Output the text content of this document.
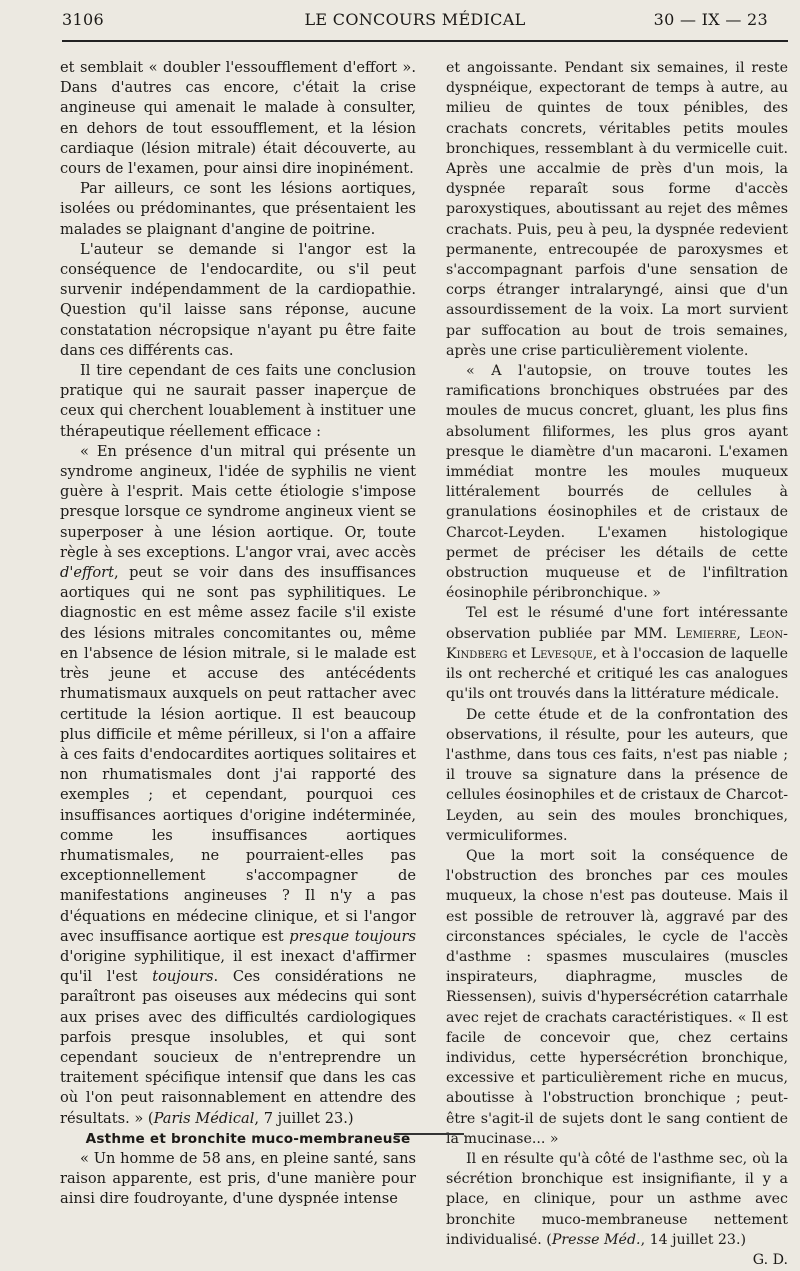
3106	LE CONCOURS MÉDICAL	30 — IX — 23

et semblait « doubler l'essoufflement d'effort ». Dans d'autres cas encore, c'était la crise angineuse qui amenait le malade à consulter, en dehors de tout essoufflement, et la lésion cardiaque (lésion mitrale) était découverte, au cours de l'examen, pour ainsi dire inopinément.

Par ailleurs, ce sont les lésions aortiques, isolées ou prédominantes, que présentaient les malades se plaignant d'angine de poitrine.

L'auteur se demande si l'angor est la conséquence de l'endocardite, ou s'il peut survenir indépendamment de la cardiopathie. Question qu'il laisse sans réponse, aucune constatation nécropsique n'ayant pu être faite dans ces différents cas.

Il tire cependant de ces faits une conclusion pratique qui ne saurait passer inaperçue de ceux qui cherchent louablement à instituer une thérapeutique réellement efficace :

« En présence d'un mitral qui présente un syndrome angineux, l'idée de syphilis ne vient guère à l'esprit. Mais cette étiologie s'impose presque lorsque ce syndrome angineux vient se superposer à une lésion aortique. Or, toute règle à ses exceptions. L'angor vrai, avec accès d'effort, peut se voir dans des insuffisances aortiques qui ne sont pas syphilitiques. Le diagnostic en est même assez facile s'il existe des lésions mitrales concomitantes ou, même en l'absence de lésion mitrale, si le malade est très jeune et accuse des antécédents rhumatismaux auxquels on peut rattacher avec certitude la lésion aortique. Il est beaucoup plus difficile et même périlleux, si l'on a affaire à ces faits d'endocardites aortiques solitaires et non rhumatismales dont j'ai rapporté des exemples ; et cependant, pourquoi ces insuffisances aortiques d'origine indéterminée, comme les insuffisances aortiques rhumatismales, ne pourraient-elles pas exceptionnellement s'accompagner de manifestations angineuses ? Il n'y a pas d'équations en médecine clinique, et si l'angor avec insuffisance aortique est presque toujours d'origine syphilitique, il est inexact d'affirmer qu'il l'est toujours. Ces considérations ne paraîtront pas oiseuses aux médecins qui sont aux prises avec des difficultés cardiologiques parfois presque insolubles, et qui sont cependant soucieux de n'entreprendre un traitement spécifique intensif que dans les cas où l'on peut raisonnablement en attendre des résultats. » (Paris Médical, 7 juillet 23.)

Asthme et bronchite muco-membraneuse

« Un homme de 58 ans, en pleine santé, sans raison apparente, est pris, d'une manière pour ainsi dire foudroyante, d'une dyspnée intense

et angoissante. Pendant six semaines, il reste dyspnéique, expectorant de temps à autre, au milieu de quintes de toux pénibles, des crachats concrets, véritables petits moules bronchiques, ressemblant à du vermicelle cuit. Après une accalmie de près d'un mois, la dyspnée reparaît sous forme d'accès paroxystiques, aboutissant au rejet des mêmes crachats. Puis, peu à peu, la dyspnée redevient permanente, entrecoupée de paroxysmes et s'accompagnant parfois d'une sensation de corps étranger intralaryngé, ainsi que d'un assourdissement de la voix. La mort survient par suffocation au bout de trois semaines, après une crise particulièrement violente.

« A l'autopsie, on trouve toutes les ramifications bronchiques obstruées par des moules de mucus concret, gluant, les plus fins absolument filiformes, les plus gros ayant presque le diamètre d'un macaroni. L'examen immédiat montre les moules muqueux littéralement bourrés de cellules à granulations éosinophiles et de cristaux de Charcot-Leyden. L'examen histologique permet de préciser les détails de cette obstruction muqueuse et de l'infiltration éosinophile péribronchique. »

Tel est le résumé d'une fort intéressante observation publiée par MM. Lemierre, Leon-Kindberg et Levesque, et à l'occasion de laquelle ils ont recherché et critiqué les cas analogues qu'ils ont trouvés dans la littérature médicale.

De cette étude et de la confrontation des observations, il résulte, pour les auteurs, que l'asthme, dans tous ces faits, n'est pas niable ; il trouve sa signature dans la présence de cellules éosinophiles et de cristaux de Charcot-Leyden, au sein des moules bronchiques, vermiculiformes.

Que la mort soit la conséquence de l'obstruction des bronches par ces moules muqueux, la chose n'est pas douteuse. Mais il est possible de retrouver là, aggravé par des circonstances spéciales, le cycle de l'accès d'asthme : spasmes musculaires (muscles inspirateurs, diaphragme, muscles de Riessensen), suivis d'hypersécrétion catarrhale avec rejet de crachats caractéristiques. « Il est facile de concevoir que, chez certains individus, cette hypersécrétion bronchique, excessive et particulièrement riche en mucus, aboutisse à l'obstruction bronchique ; peut-être s'agit-il de sujets dont le sang contient de la mucinase... »

Il en résulte qu'à côté de l'asthme sec, où la sécrétion bronchique est insignifiante, il y a place, en clinique, pour un asthme avec bronchite muco-membraneuse nettement individualisé. (Presse Méd., 14 juillet 23.)
G. D.
